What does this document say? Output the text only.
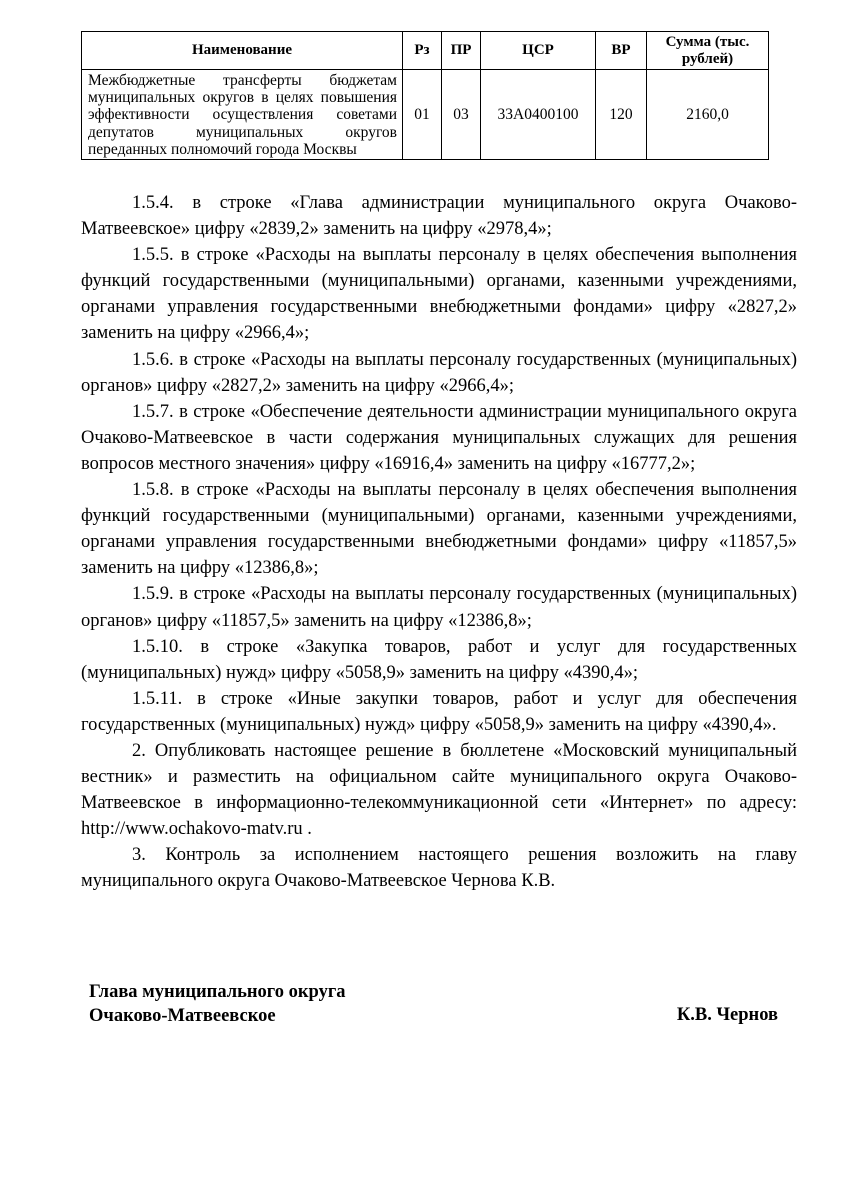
Наименование	Рз	ПР	ЦСР	ВР	Сумма (тыс. рублей)
Межбюджетные трансферты бюджетам муниципальных округов в целях повышения эффективности осуществления советами депутатов муниципальных округов переданных полномочий города Москвы	01	03	33А0400100	120	2160,0

1.5.4. в строке «Глава администрации муниципального округа Очаково-Матвеевское» цифру «2839,2» заменить на цифру «2978,4»;

1.5.5. в строке «Расходы на выплаты персоналу в целях обеспечения выполнения функций государственными (муниципальными) органами, казенными учреждениями, органами управления государственными внебюджетными фондами» цифру «2827,2» заменить на цифру «2966,4»;

1.5.6. в строке «Расходы на выплаты персоналу государственных (муниципальных) органов» цифру «2827,2» заменить на цифру «2966,4»;

1.5.7. в строке «Обеспечение деятельности администрации муниципального округа Очаково-Матвеевское в части содержания муниципальных служащих для решения вопросов местного значения» цифру «16916,4» заменить на цифру «16777,2»;

1.5.8. в строке «Расходы на выплаты персоналу в целях обеспечения выполнения функций государственными (муниципальными) органами, казенными учреждениями, органами управления государственными внебюджетными фондами» цифру «11857,5» заменить на цифру «12386,8»;

1.5.9. в строке «Расходы на выплаты персоналу государственных (муниципальных) органов» цифру «11857,5» заменить на цифру «12386,8»;

1.5.10. в строке «Закупка товаров, работ и услуг для государственных (муниципальных) нужд» цифру «5058,9» заменить на цифру «4390,4»;

1.5.11. в строке «Иные закупки товаров, работ и услуг для обеспечения государственных (муниципальных) нужд» цифру «5058,9» заменить на цифру «4390,4».

2. Опубликовать настоящее решение в бюллетене «Московский муниципальный вестник» и разместить на официальном сайте муниципального округа Очаково-Матвеевское в информационно-телекоммуникационной сети «Интернет» по адресу: http://www.ochakovo-matv.ru .

3. Контроль за исполнением настоящего решения возложить на главу муниципального округа Очаково-Матвеевское Чернова К.В.

Глава муниципального округа
Очаково-Матвеевское	К.В. Чернов
